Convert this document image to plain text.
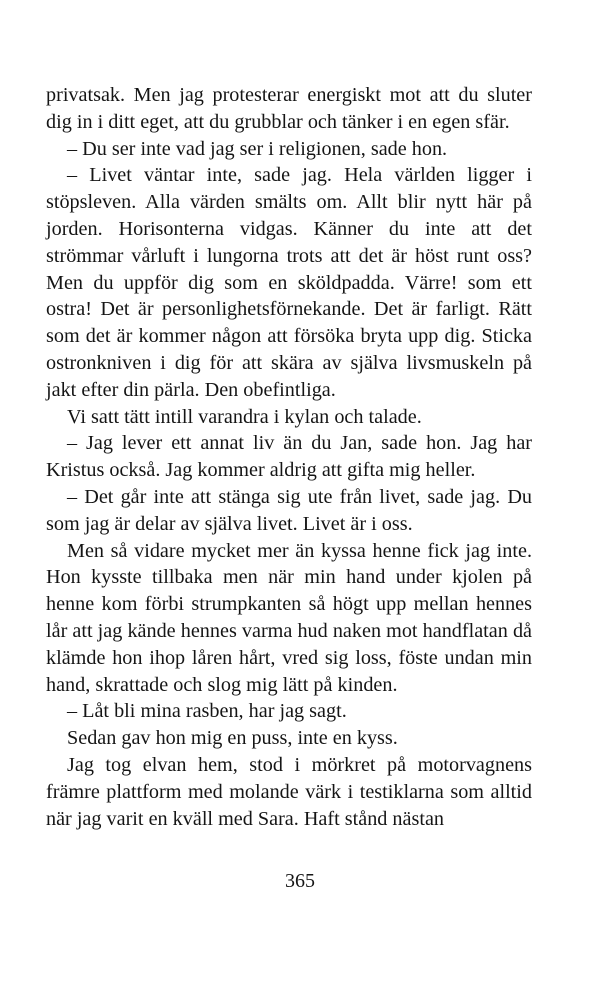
privatsak. Men jag protesterar energiskt mot att du sluter dig in i ditt eget, att du grubblar och tänker i en egen sfär.

– Du ser inte vad jag ser i religionen, sade hon.

– Livet väntar inte, sade jag. Hela världen ligger i stöpsleven. Alla värden smälts om. Allt blir nytt här på jorden. Horisonterna vidgas. Känner du inte att det strömmar vårluft i lungorna trots att det är höst runt oss? Men du uppför dig som en sköldpadda. Värre! som ett ostra! Det är personlighetsförnekande. Det är farligt. Rätt som det är kommer någon att försöka bryta upp dig. Sticka ostronkniven i dig för att skära av själva livsmuskeln på jakt efter din pärla. Den obefintliga.

Vi satt tätt intill varandra i kylan och talade.

– Jag lever ett annat liv än du Jan, sade hon. Jag har Kristus också. Jag kommer aldrig att gifta mig heller.

– Det går inte att stänga sig ute från livet, sade jag. Du som jag är delar av själva livet. Livet är i oss.

Men så vidare mycket mer än kyssa henne fick jag inte. Hon kysste tillbaka men när min hand under kjolen på henne kom förbi strumpkanten så högt upp mellan hennes lår att jag kände hennes varma hud naken mot handflatan då klämde hon ihop låren hårt, vred sig loss, föste undan min hand, skrattade och slog mig lätt på kinden.

– Låt bli mina rasben, har jag sagt.

Sedan gav hon mig en puss, inte en kyss.

Jag tog elvan hem, stod i mörkret på motorvagnens främre plattform med molande värk i testiklarna som alltid när jag varit en kväll med Sara. Haft stånd nästan

365
